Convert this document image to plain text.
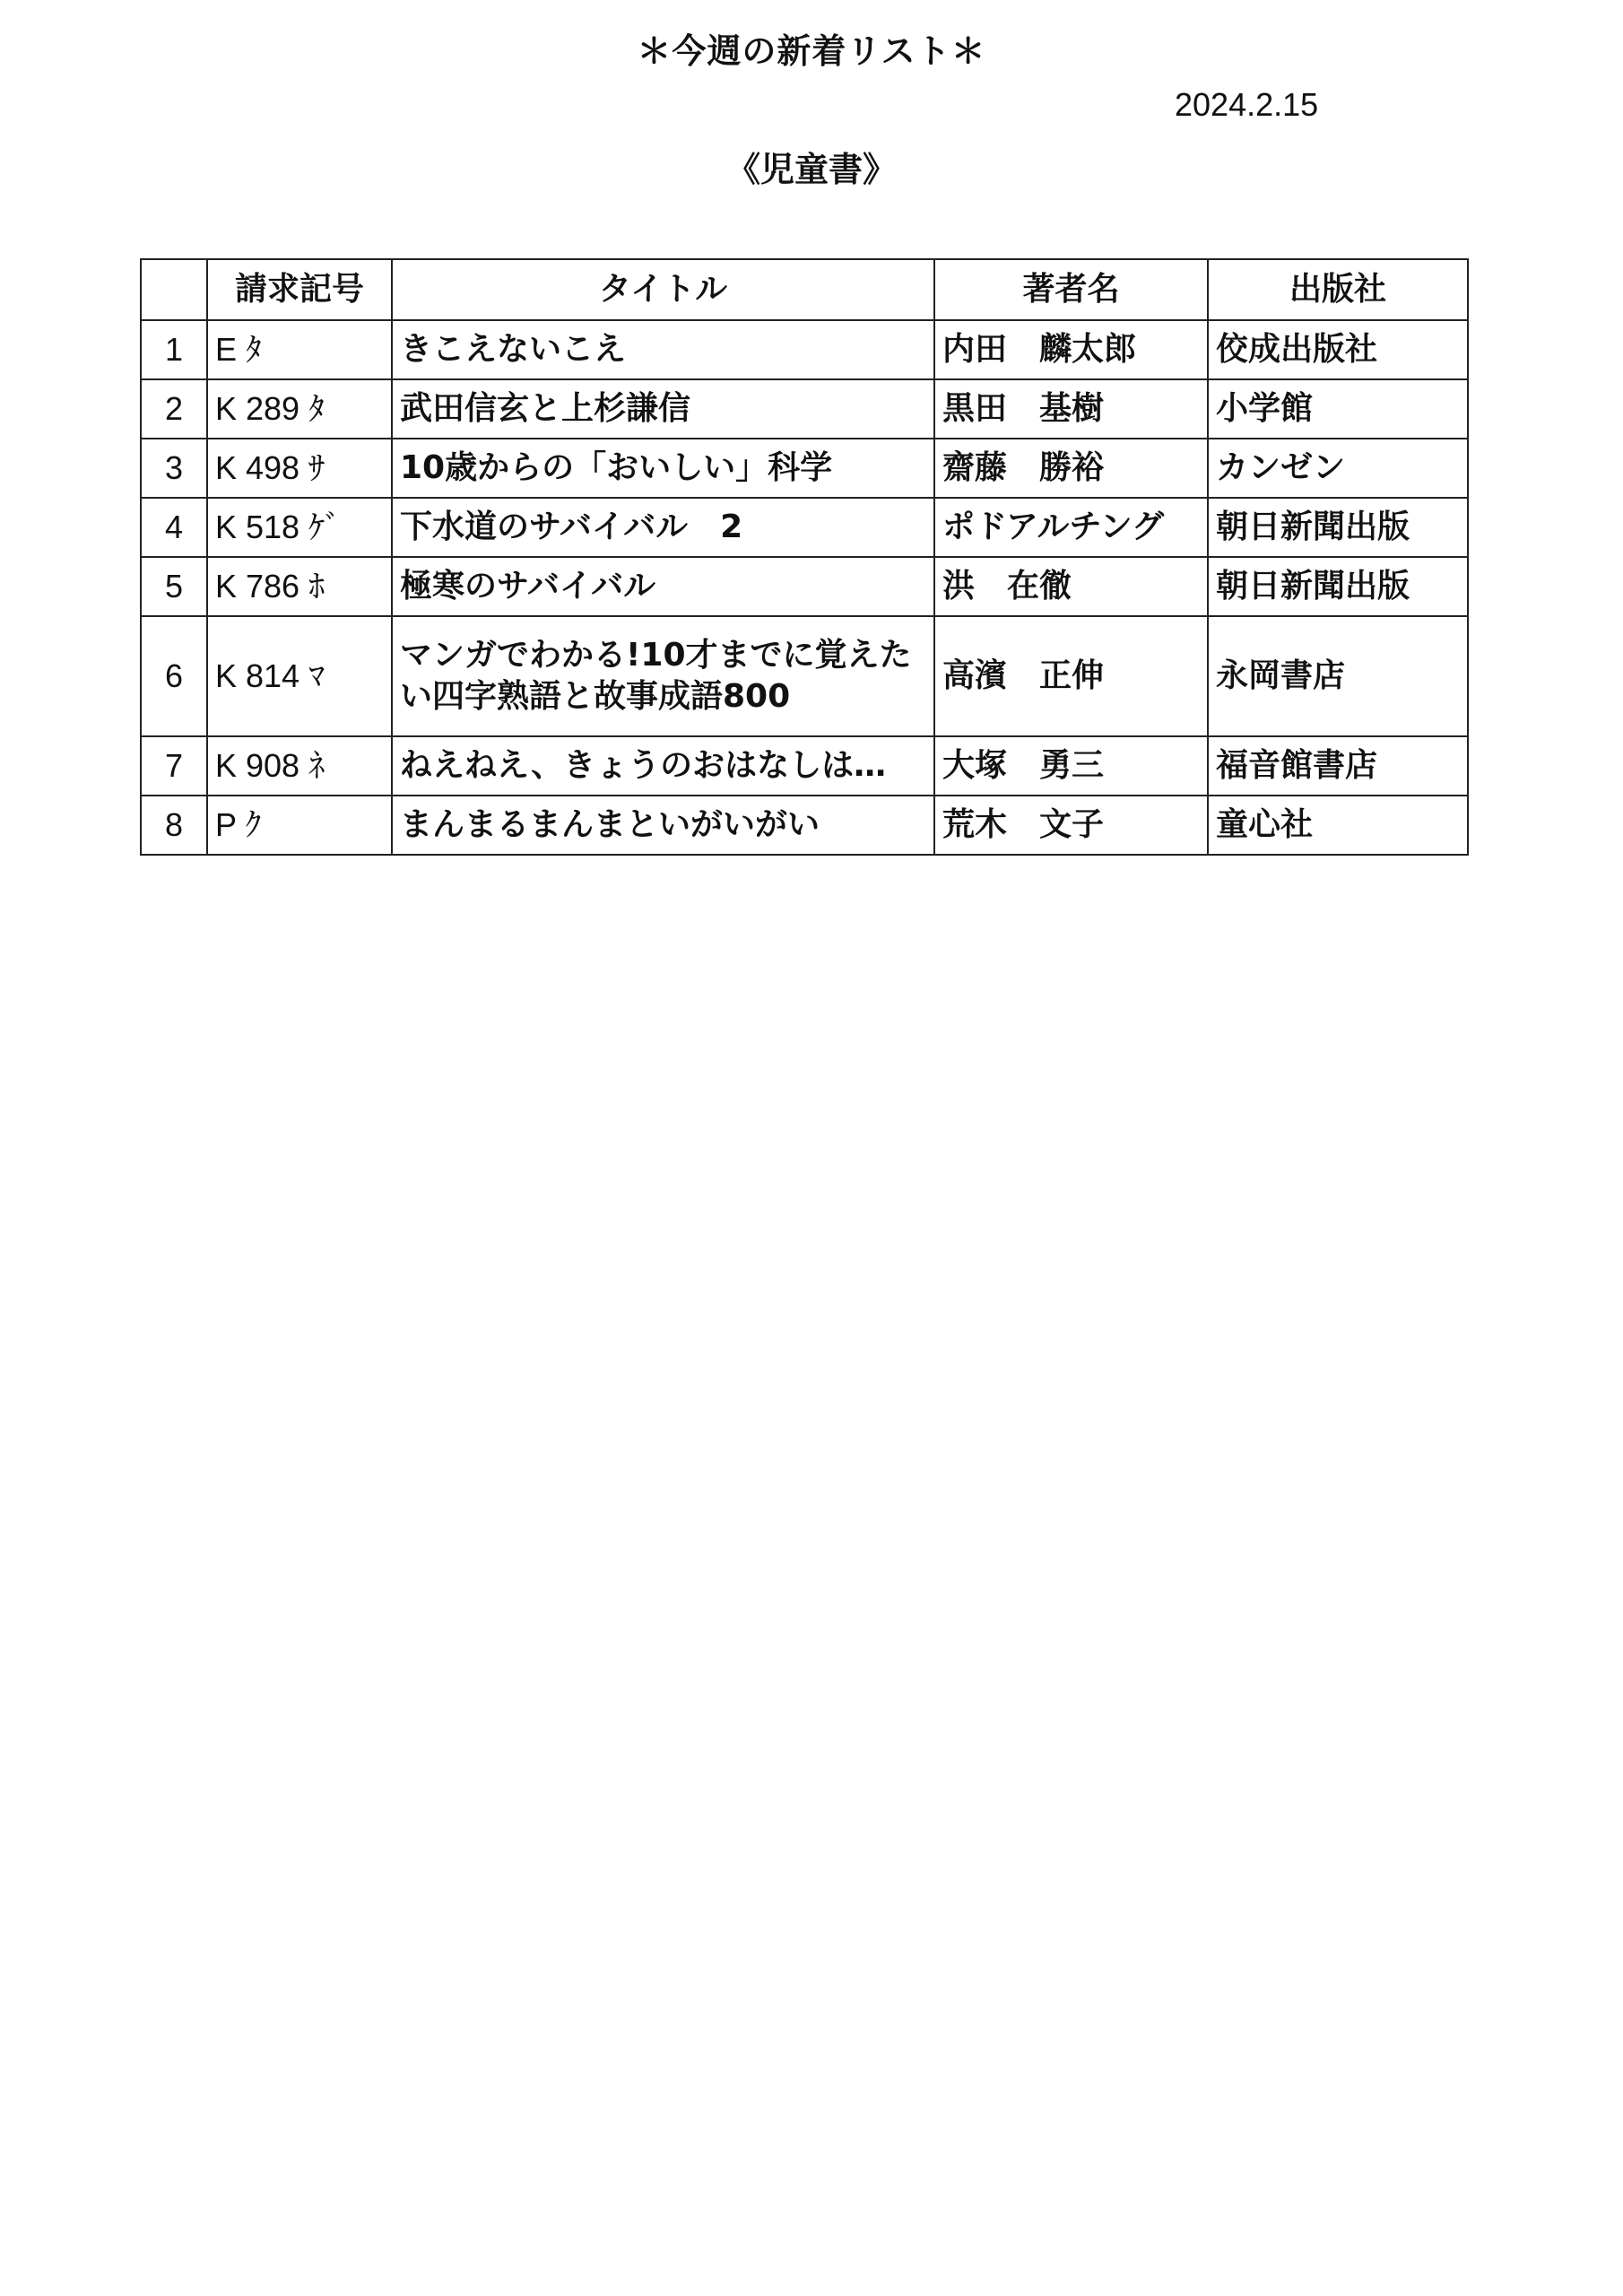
＊今週の新着リスト＊

2024.2.15

《児童書》
	請求記号	タイトル	著者名	出版社
1	E ﾀ	きこえないこえ	内田　麟太郎	佼成出版社
2	K 289 ﾀ	武田信玄と上杉謙信	黒田　基樹	小学館
3	K 498 ｻ	10歳からの「おいしい」科学	齋藤　勝裕	カンゼン
4	K 518 ｹﾞ	下水道のサバイバル　2	ポドアルチング	朝日新聞出版
5	K 786 ﾎ	極寒のサバイバル	洪　在徹	朝日新聞出版
6	K 814 ﾏ	マンガでわかる!10才までに覚えたい四字熟語と故事成語800	高濱　正伸	永岡書店
7	K 908 ﾈ	ねえねえ、きょうのおはなしは…	大塚　勇三	福音館書店
8	P ｸ	まんまるまんまといがいがい	荒木　文子	童心社
